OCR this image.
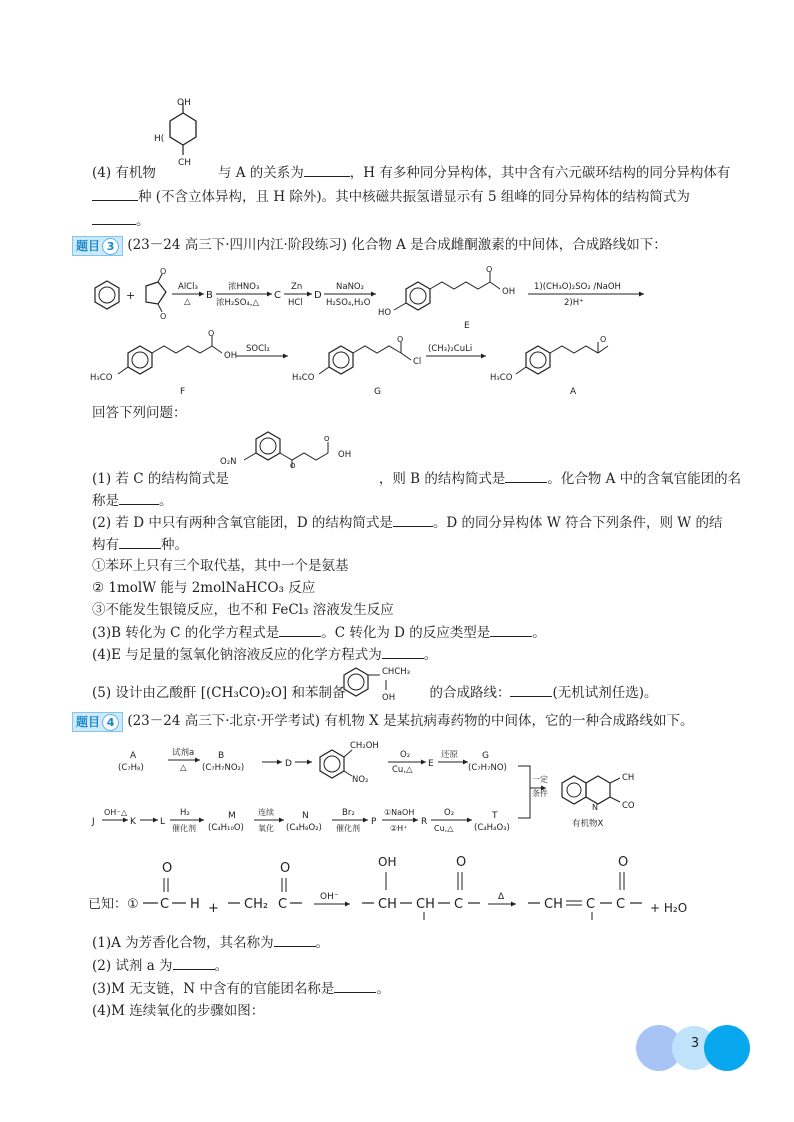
OH
H(
CH
(4) 有机物	与 A 的关系为	，H 有多种同分异构体，其中含有六元碳环结构的同分异构体有
种 (不含立体异构，且 H 除外)。其中核磁共振氢谱显示有 5 组峰的同分异构体的结构简式为
。
题目 3 (23－24 高三下·四川内江·阶段练习) 化合物 A 是合成雌酮激素的中间体，合成路线如下：
+
O
O
AlCl₃
△
B
浓HNO₃
浓H₂SO₄,△
C
Zn
HCl
D
NaNO₂
H₂SO₄,H₂O
HO
O
OH
E
1)(CH₃O)₂SO₂ /NaOH
2)H⁺
H₃CO
O
OH
F
SOCl₂
H₃CO
O
Cl
G
(CH₃)₂CuLi
H₃CO
O
A
回答下列问题：
O₂N	O
O
OH
(1) 若 C 的结构简式是	，则 B 的结构简式是	。化合物 A 中的含氧官能团的名
称是	。
(2) 若 D 中只有两种含氧官能团，D 的结构简式是	。D 的同分异构体 W 符合下列条件，则 W 的结
构有	种。
①苯环上只有三个取代基，其中一个是氨基
② 1molW 能与 2molNaHCO₃ 反应
③不能发生银镜反应，也不和 FeCl₃ 溶液发生反应
(3)B 转化为 C 的化学方程式是	。C 转化为 D 的反应类型是	。
(4)E 与足量的氢氧化钠溶液反应的化学方程式为	。
CHCH₃
OH
(5) 设计由乙酸酐 [(CH₃CO)₂O] 和苯制备	的合成路线：	(无机试剂任选)。
题目 4 (23－24 高三下·北京·开学考试) 有机物 X 是某抗病毒药物的中间体，它的一种合成路线如下。
A
(C₇H₈)
试剂a
△
B
(C₇H₇NO₂)	D
CH₂OH
NO₂
O₂
Cu,△
E
还原	G
(C₇H₇NO)
J
OH⁻ △
K	L
H₂
催化剂
M
(C₄H₁₀O)
连续
氧化
N
(C₄H₈O₂)
Br₂
催化剂
P
①NaOH
②H⁺
R
O₂
Cu,△
T
(C₄H₄O₃)
一定
条件
CH
CO
N
有机物X
已知：①
O
C H + CH₂ C
O
OH⁻
OH
CH CH C
O
Δ	CH C C
O
+ H₂O
(1)A 为芳香化合物，其名称为	。
(2) 试剂 a 为	。
(3)M 无支链，N 中含有的官能团名称是	。
(4)M 连续氧化的步骤如图：
3
